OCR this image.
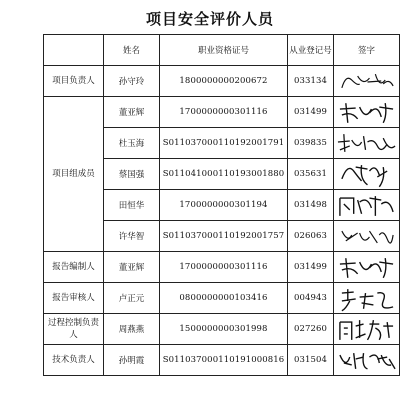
项目安全评价人员
	姓名	职业资格证号	从业登记号	签字
项目负责人	孙守玲	1800000000200672	033134	

项目组成员	董亚辉	1700000000301116	031499	

	杜玉海	S011037000110192001791	039835	

	蔡国强	S011041000110193001880	035631	

	田恒华	1700000000301194	031498	

	许华智	S011037000110192001757	026063	

报告编制人	董亚辉	1700000000301116	031499	

报告审核人	卢正元	0800000000103416	004943	

过程控制负责人	周燕燕	1500000000301998	027260	

技术负责人	孙明霞	S011037000110191000816	031504	
